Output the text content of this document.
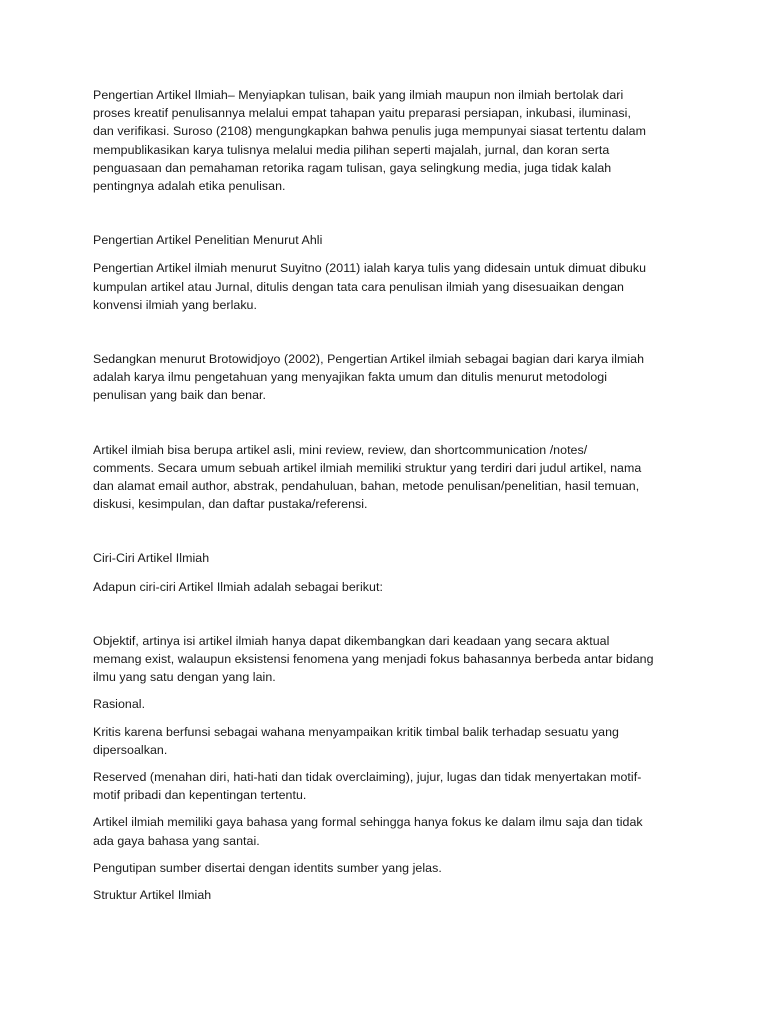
Pengertian Artikel Ilmiah– Menyiapkan tulisan, baik yang ilmiah maupun non ilmiah bertolak dari
proses kreatif penulisannya melalui empat tahapan yaitu preparasi persiapan, inkubasi, iluminasi,
dan verifikasi. Suroso (2108) mengungkapkan bahwa penulis juga mempunyai siasat tertentu dalam
mempublikasikan karya tulisnya melalui media pilihan seperti majalah, jurnal, dan koran serta
penguasaan dan pemahaman retorika ragam tulisan, gaya selingkung media, juga tidak kalah
pentingnya adalah etika penulisan.

Pengertian Artikel Penelitian Menurut Ahli

Pengertian Artikel ilmiah menurut Suyitno (2011) ialah karya tulis yang didesain untuk dimuat dibuku
kumpulan artikel atau Jurnal, ditulis dengan tata cara penulisan ilmiah yang disesuaikan dengan
konvensi ilmiah yang berlaku.

Sedangkan menurut Brotowidjoyo (2002), Pengertian Artikel ilmiah sebagai bagian dari karya ilmiah
adalah karya ilmu pengetahuan yang menyajikan fakta umum dan ditulis menurut metodologi
penulisan yang baik dan benar.

Artikel ilmiah bisa berupa artikel asli, mini review, review, dan shortcommunication /notes/
comments. Secara umum sebuah artikel ilmiah memiliki struktur yang terdiri dari judul artikel, nama
dan alamat email author, abstrak, pendahuluan, bahan, metode penulisan/penelitian, hasil temuan,
diskusi, kesimpulan, dan daftar pustaka/referensi.

Ciri-Ciri Artikel Ilmiah

Adapun ciri-ciri Artikel Ilmiah adalah sebagai berikut:

Objektif, artinya isi artikel ilmiah hanya dapat dikembangkan dari keadaan yang secara aktual
memang exist, walaupun eksistensi fenomena yang menjadi fokus bahasannya berbeda antar bidang
ilmu yang satu dengan yang lain.

Rasional.

Kritis karena berfunsi sebagai wahana menyampaikan kritik timbal balik terhadap sesuatu yang
dipersoalkan.

Reserved (menahan diri, hati-hati dan tidak overclaiming), jujur, lugas dan tidak menyertakan motif-
motif pribadi dan kepentingan tertentu.

Artikel ilmiah memiliki gaya bahasa yang formal sehingga hanya fokus ke dalam ilmu saja dan tidak
ada gaya bahasa yang santai.

Pengutipan sumber disertai dengan identits sumber yang jelas.

Struktur Artikel Ilmiah
